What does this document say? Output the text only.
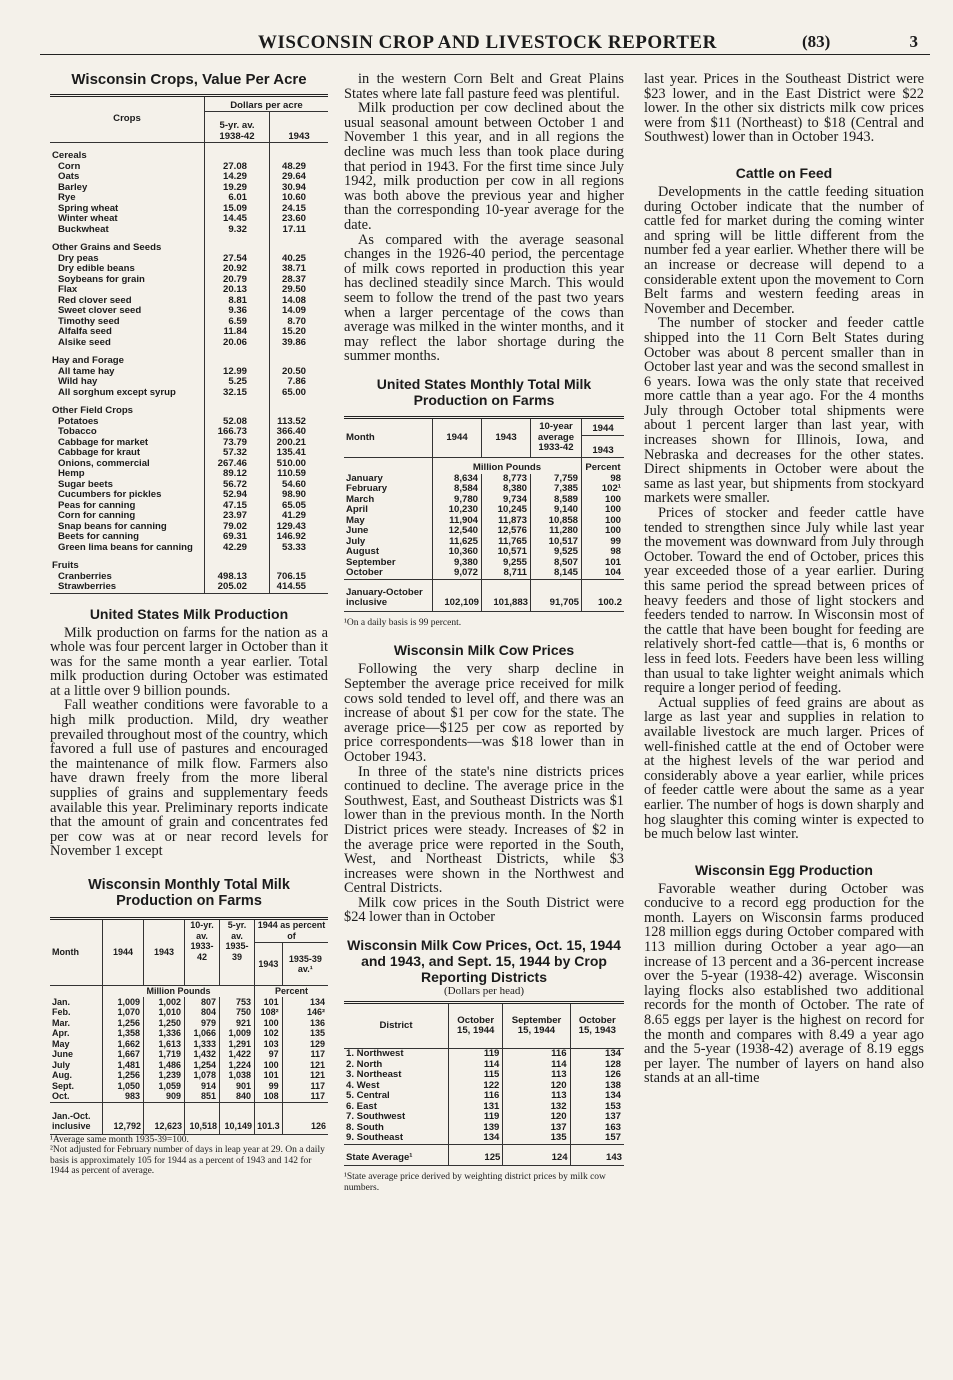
WISCONSIN CROP AND LIVESTOCK REPORTER	(83)	3
Wisconsin Crops, Value Per Acre
Crops	Dollars per acre	
	5-yr. av. 1938-42	1943
Cereals		
Corn	27.08	48.29
Oats	14.29	29.64
Barley	19.29	30.94
Rye	6.01	10.60
Spring wheat	15.09	24.15
Winter wheat	14.45	23.60
Buckwheat	9.32	17.11
Other Grains and Seeds		
Dry peas	27.54	40.25
Dry edible beans	20.92	38.71
Soybeans for grain	20.79	28.37
Flax	20.13	29.50
Red clover seed	8.81	14.08
Sweet clover seed	9.36	14.09
Timothy seed	6.59	8.70
Alfalfa seed	11.84	15.20
Alsike seed	20.06	39.86
Hay and Forage		
All tame hay	12.99	20.50
Wild hay	5.25	7.86
All sorghum except syrup	32.15	65.00
Other Field Crops		
Potatoes	52.08	113.52
Tobacco	166.73	366.40
Cabbage for market	73.79	200.21
Cabbage for kraut	57.32	135.41
Onions, commercial	267.46	510.00
Hemp	89.12	110.59
Sugar beets	56.72	54.60
Cucumbers for pickles	52.94	98.90
Peas for canning	47.15	65.05
Corn for canning	23.97	41.29
Snap beans for canning	79.02	129.43
Beets for canning	69.31	146.92
Green lima beans for canning	42.29	53.33
Fruits		
Cranberries	498.13	706.15
Strawberries	205.02	414.55
United States Milk Production

Milk production on farms for the nation as a whole was four percent larger in October than it was for the same month a year earlier. Total milk production during October was estimated at a little over 9 billion pounds.

Fall weather conditions were favorable to a high milk production. Mild, dry weather prevailed throughout most of the country, which favored a full use of pastures and encouraged the maintenance of milk flow. Farmers also have drawn freely from the more liberal supplies of grains and supplementary feeds available this year. Preliminary reports indicate that the amount of grain and concentrates fed per cow was at or near record levels for November 1 except

Wisconsin Monthly Total Milk Production on Farms
Month	1944	1943	10-yr. av. 1933-42	5-yr. av. 1935-39	1944 as percent of	
					1943	1935-39 av.¹
	Million Pounds				Percent	
Jan.	1,009	1,002	807	753	101	134
Feb.	1,070	1,010	804	750	108²	146²
Mar.	1,256	1,250	979	921	100	136
Apr.	1,358	1,336	1,066	1,009	102	135
May	1,662	1,613	1,333	1,291	103	129
June	1,667	1,719	1,432	1,422	97	117
July	1,481	1,486	1,254	1,224	100	121
Aug.	1,256	1,239	1,078	1,038	101	121
Sept.	1,050	1,059	914	901	99	117
Oct.	983	909	851	840	108	117
Jan.-Oct. inclusive	12,792	12,623	10,518	10,149	101.3	126
¹Average same month 1935-39=100.
²Not adjusted for February number of days in leap year at 29. On a daily basis is approximately 105 for 1944 as a percent of 1943 and 142 for 1944 as percent of average.

in the western Corn Belt and Great Plains States where late fall pasture feed was plentiful.

Milk production per cow declined about the usual seasonal amount between October 1 and November 1 this year, and in all regions the decline was much less than took place during that period in 1943. For the first time since July 1942, milk production per cow in all regions was both above the previous year and higher than the corresponding 10-year average for the date.

As compared with the average seasonal changes in the 1926-40 period, the percentage of milk cows reported in production this year has declined steadily since March. This would seem to follow the trend of the past two years when a larger percentage of the cows than average was milked in the winter months, and it may reflect the labor shortage during the summer months.

United States Monthly Total Milk Production on Farms
Month	1944	1943	10-year average 1933-42	1944
				1943
	Million Pounds			Percent
January	8,634	8,773	7,759	98
February	8,584	8,380	7,385	102¹
March	9,780	9,734	8,589	100
April	10,230	10,245	9,140	100
May	11,904	11,873	10,858	100
June	12,540	12,576	11,280	100
July	11,625	11,765	10,517	99
August	10,360	10,571	9,525	98
September	9,380	9,255	8,507	101
October	9,072	8,711	8,145	104
January-October inclusive	102,109	101,883	91,705	100.2
¹On a daily basis is 99 percent.
Wisconsin Milk Cow Prices

Following the very sharp decline in September the average price received for milk cows sold tended to level off, and there was an increase of about $1 per cow for the state. The average price—$125 per cow as reported by price correspondents—was $18 lower than in October 1943.

In three of the state's nine districts prices continued to decline. The average price in the Southwest, East, and Southeast Districts was $1 lower than in the previous month. In the North District prices were steady. Increases of $2 in the average price were reported in the South, West, and Northeast Districts, while $3 increases were shown in the Northwest and Central Districts.

Milk cow prices in the South District were $24 lower than in October

Wisconsin Milk Cow Prices, Oct. 15, 1944 and 1943, and Sept. 15, 1944 by Crop Reporting Districts
(Dollars per head)
District	October 15, 1944	September 15, 1944	October 15, 1943
1. Northwest	119	116	134
2. North	114	114	128
3. Northeast	115	113	126
4. West	122	120	138
5. Central	116	113	134
6. East	131	132	153
7. Southwest	119	120	137
8. South	139	137	163
9. Southeast	134	135	157
State Average¹	125	124	143
¹State average price derived by weighting district prices by milk cow numbers.

last year. Prices in the Southeast District were $23 lower, and in the East District were $22 lower. In the other six districts milk cow prices were from $11 (Northeast) to $18 (Central and Southwest) lower than in October 1943.

Cattle on Feed

Developments in the cattle feeding situation during October indicate that the number of cattle fed for market during the coming winter and spring will be little different from the number fed a year earlier. Whether there will be an increase or decrease will depend to a considerable extent upon the movement to Corn Belt farms and western feeding areas in November and December.

The number of stocker and feeder cattle shipped into the 11 Corn Belt States during October was about 8 percent smaller than in October last year and was the second smallest in 6 years. Iowa was the only state that received more cattle than a year ago. For the 4 months July through October total shipments were about 1 percent larger than last year, with increases shown for Illinois, Iowa, and Nebraska and decreases for the other states. Direct shipments in October were about the same as last year, but shipments from stockyard markets were smaller.

Prices of stocker and feeder cattle have tended to strengthen since July while last year the movement was downward from July through October. Toward the end of October, prices this year exceeded those of a year earlier. During this same period the spread between prices of heavy feeders and those of light stockers and feeders tended to narrow. In Wisconsin most of the cattle that have been bought for feeding are relatively short-fed cattle—that is, 6 months or less in feed lots. Feeders have been less willing than usual to take lighter weight animals which require a longer period of feeding.

Actual supplies of feed grains are about as large as last year and supplies in relation to available livestock are much larger. Prices of well-finished cattle at the end of October were at the highest levels of the war period and considerably above a year earlier, while prices of feeder cattle were about the same as a year earlier. The number of hogs is down sharply and hog slaughter this coming winter is expected to be much below last winter.

Wisconsin Egg Production

Favorable weather during October was conducive to a record egg production for the month. Layers on Wisconsin farms produced 128 million eggs during October compared with 113 million during October a year ago—an increase of 13 percent and a 36-percent increase over the 5-year (1938-42) average. Wisconsin laying flocks also established two additional records for the month of October. The rate of 8.65 eggs per layer is the highest on record for the month and compares with 8.49 a year ago and the 5-year (1938-42) average of 8.19 eggs per layer. The number of layers on hand also stands at an all-time
